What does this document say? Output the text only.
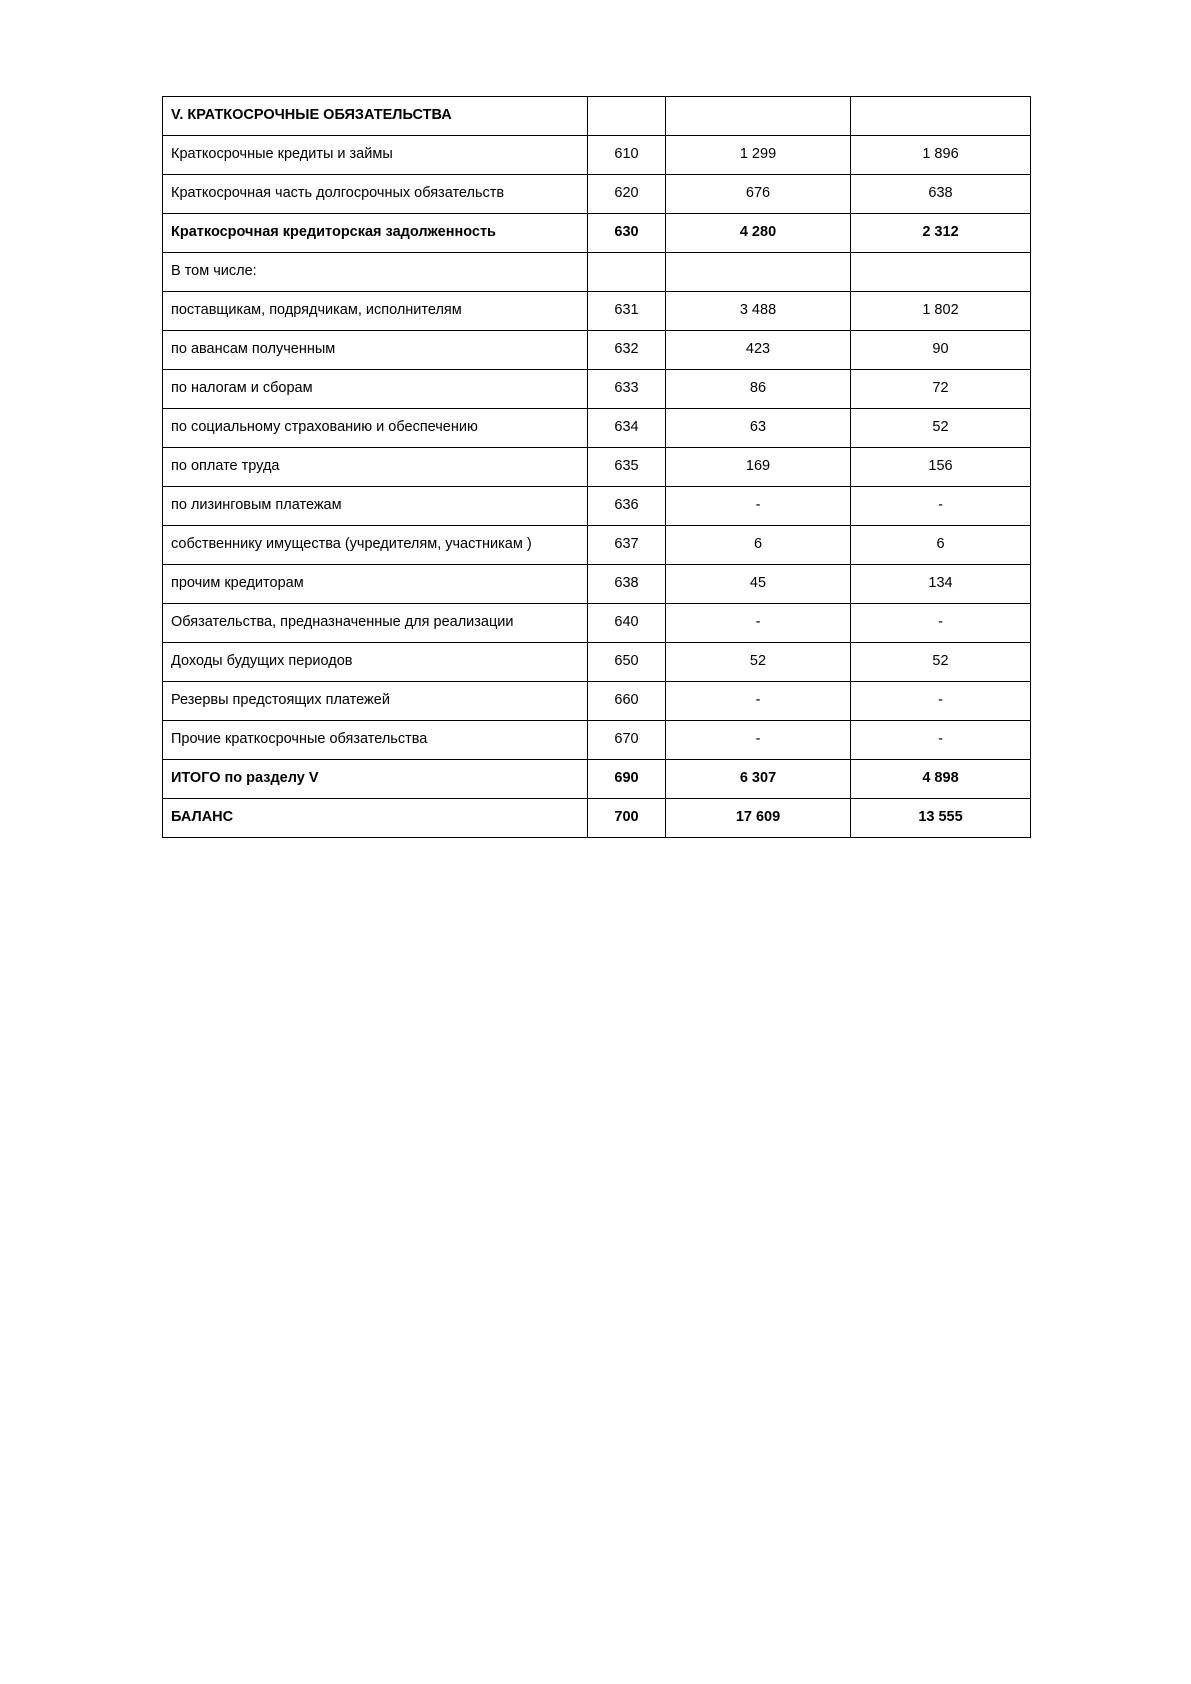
V. КРАТКОСРОЧНЫЕ ОБЯЗАТЕЛЬСТВА			
Краткосрочные кредиты и займы	610	1 299	1 896
Краткосрочная часть долгосрочных обязательств	620	676	638
Краткосрочная кредиторская задолженность	630	4 280	2 312
В том числе:			
поставщикам, подрядчикам, исполнителям	631	3 488	1 802
по авансам полученным	632	423	90
по налогам и сборам	633	86	72
по социальному страхованию и обеспечению	634	63	52
по оплате труда	635	169	156
по лизинговым платежам	636	-	-
собственнику имущества (учредителям, участникам )	637	6	6
прочим кредиторам	638	45	134
Обязательства, предназначенные для реализации	640	-	-
Доходы будущих периодов	650	52	52
Резервы предстоящих платежей	660	-	-
Прочие краткосрочные обязательства	670	-	-
ИТОГО по разделу V	690	6 307	4 898
БАЛАНС	700	17 609	13 555
